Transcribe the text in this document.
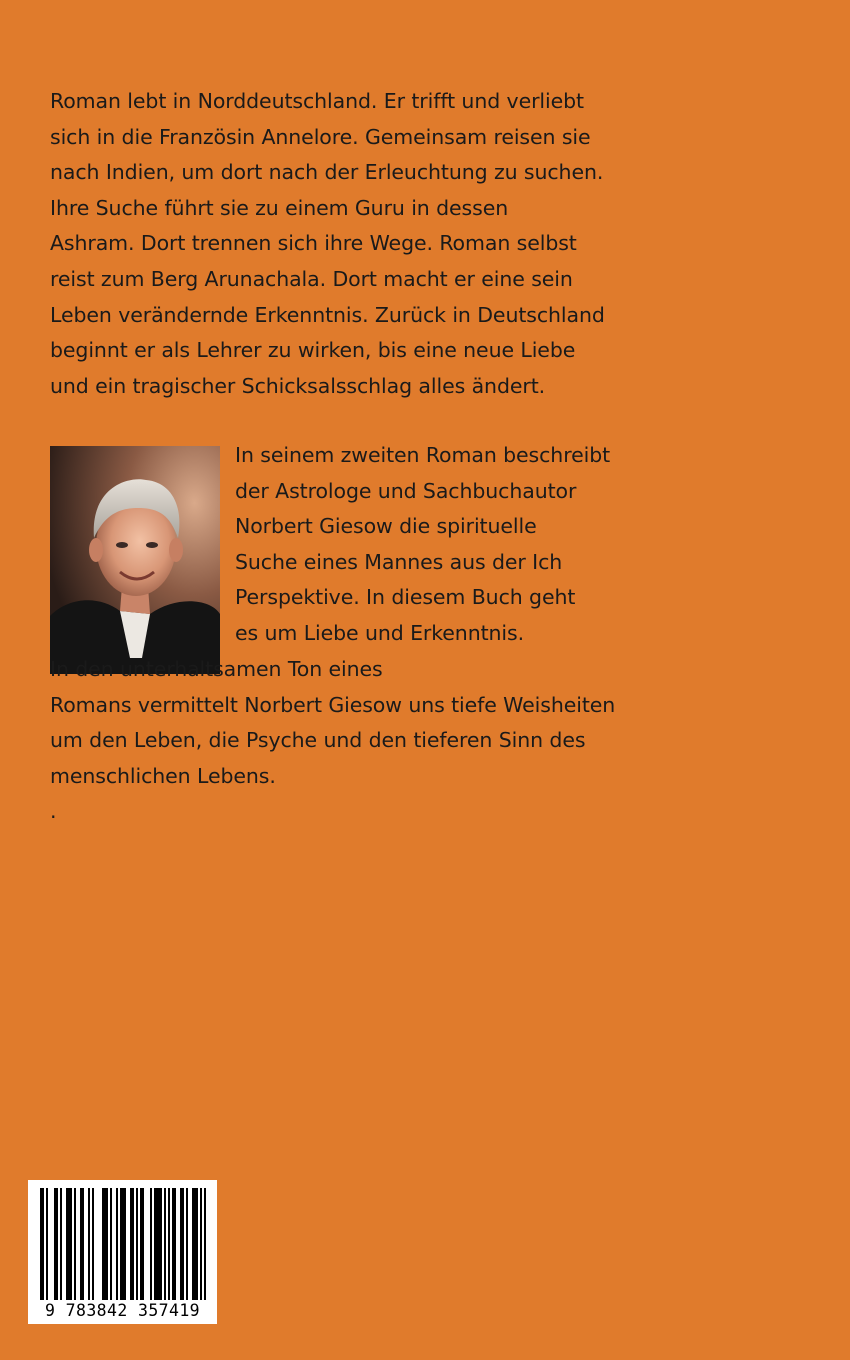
Roman lebt in Norddeutschland. Er trifft und verliebt
sich in die Französin Annelore. Gemeinsam reisen sie
nach Indien, um dort nach der Erleuchtung zu suchen.
Ihre Suche führt sie zu einem Guru in dessen
Ashram. Dort trennen sich ihre Wege. Roman selbst
reist zum Berg Arunachala. Dort macht er eine sein
Leben verändernde Erkenntnis. Zurück in Deutschland
beginnt er als Lehrer zu wirken, bis eine neue Liebe
und ein tragischer Schicksalsschlag alles ändert.

In seinem zweiten Roman beschreibt
der Astrologe und Sachbuchautor
Norbert Giesow die spirituelle
Suche eines Mannes aus der Ich
Perspektive. In diesem Buch geht
es um Liebe und Erkenntnis.

In den unterhaltsamen Ton eines
Romans vermittelt Norbert Giesow uns tiefe Weisheiten
um den Leben, die Psyche und den tieferen Sinn des
menschlichen Lebens.

.

9 783842 357419
